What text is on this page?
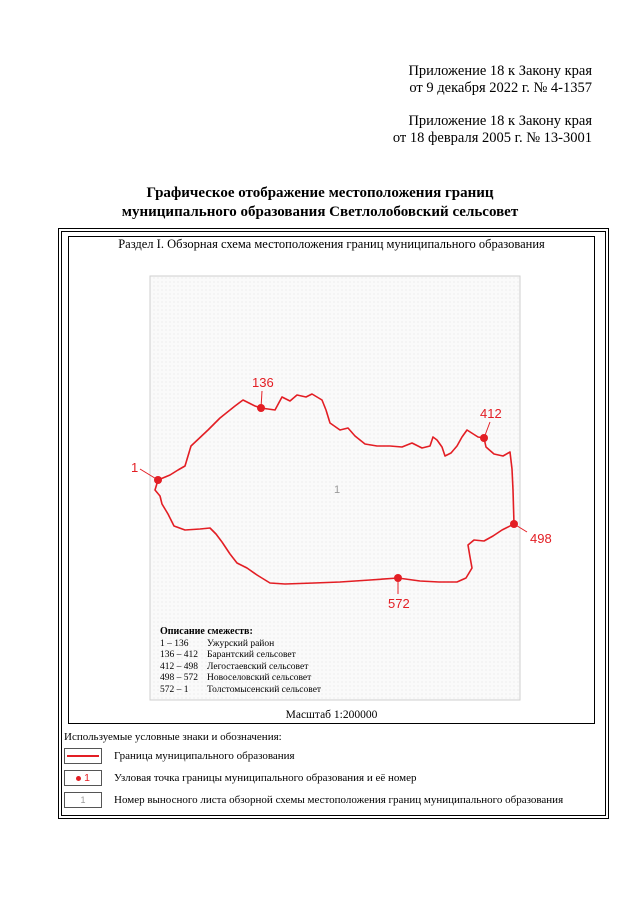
Приложение 18 к Закону края

от 9 декабря 2022 г. № 4-1357

Приложение 18 к Закону края

от 18 февраля 2005 г. № 13-3001

Графическое отображение местоположения границ

муниципального образования Светлолобовский сельсовет

Раздел I. Обзорная схема местоположения границ муниципального образования
1
1
136
412
498
572
Описание смежеств:
1 – 136	Ужурский район
136 – 412 Барантский сельсовет
412 – 498 Легостаевский сельсовет
498 – 572 Новоселовский сельсовет
572 – 1	Толстомысенский сельсовет
Масштаб 1:200000
Используемые условные знаки и обозначения:
Граница муниципального образования
1 Узловая точка границы муниципального образования и её номер
1	Номер выносного листа обзорной схемы местоположения границ муниципального образования
